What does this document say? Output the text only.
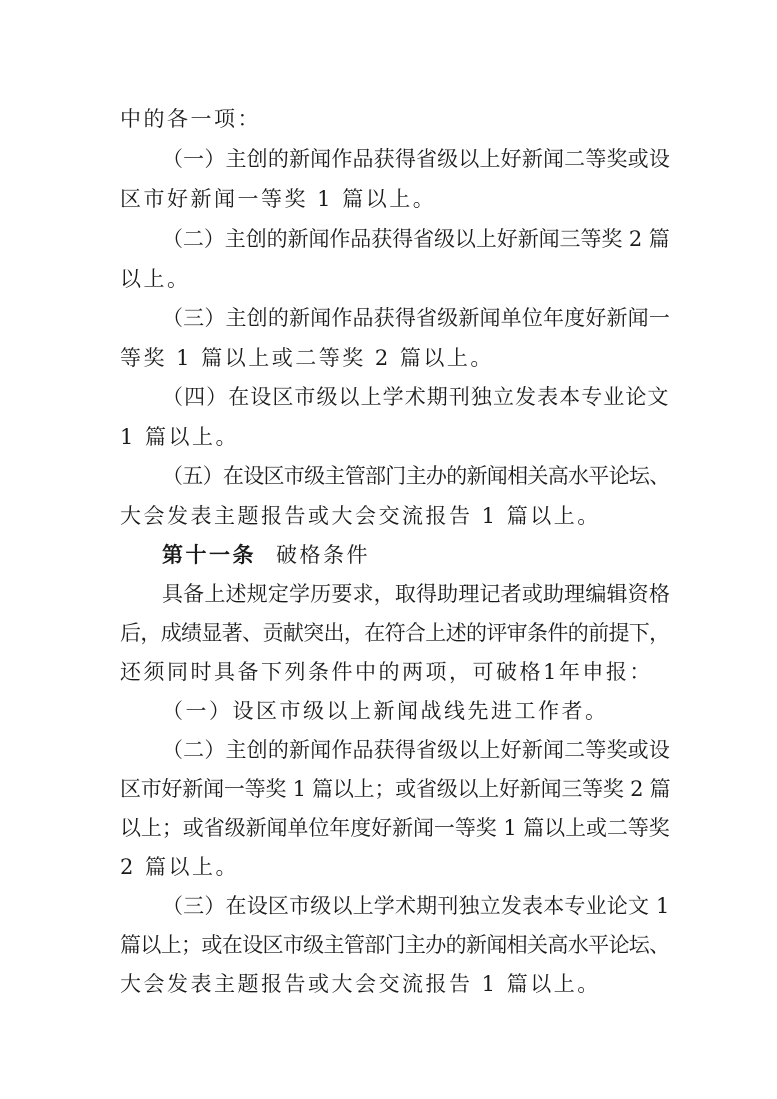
中的各一项：
（一）主创的新闻作品获得省级以上好新闻二等奖或设
区市好新闻一等奖 1 篇以上。
（二）主创的新闻作品获得省级以上好新闻三等奖 2 篇
以上。
（三）主创的新闻作品获得省级新闻单位年度好新闻一
等奖 1 篇以上或二等奖 2 篇以上。
（四）在设区市级以上学术期刊独立发表本专业论文
1 篇以上。
（五）在设区市级主管部门主办的新闻相关高水平论坛、
大会发表主题报告或大会交流报告 1 篇以上。
第十一条 破格条件
具备上述规定学历要求，取得助理记者或助理编辑资格
后，成绩显著、贡献突出，在符合上述的评审条件的前提下，
还须同时具备下列条件中的两项，可破格1年申报：
（一）设区市级以上新闻战线先进工作者。
（二）主创的新闻作品获得省级以上好新闻二等奖或设
区市好新闻一等奖 1 篇以上；或省级以上好新闻三等奖 2 篇
以上；或省级新闻单位年度好新闻一等奖 1 篇以上或二等奖
2 篇以上。
（三）在设区市级以上学术期刊独立发表本专业论文 1
篇以上；或在设区市级主管部门主办的新闻相关高水平论坛、
大会发表主题报告或大会交流报告 1 篇以上。
